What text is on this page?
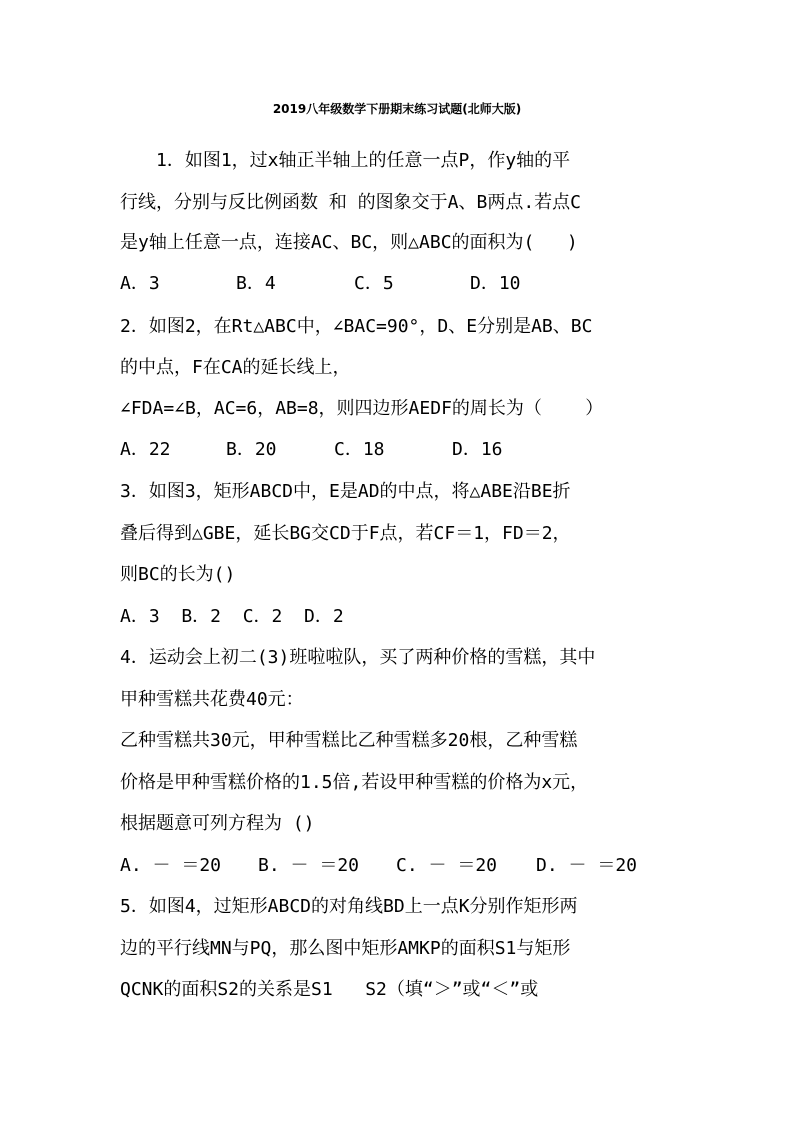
2019八年级数学下册期末练习试题(北师大版)
1．如图1，过x轴正半轴上的任意一点P，作y轴的平
行线，分别与反比例函数 和 的图象交于A、B两点.若点C
是y轴上任意一点，连接AC、BC，则△ABC的面积为(   )
A．3	B．4	C．5	D．10
2．如图2，在Rt△ABC中，∠BAC=90°，D、E分别是AB、BC
的中点，F在CA的延长线上，
∠FDA=∠B，AC=6，AB=8，则四边形AEDF的周长为（    ）
A．22	B．20	C．18	D．16
3．如图3，矩形ABCD中，E是AD的中点，将△ABE沿BE折
叠后得到△GBE，延长BG交CD于F点，若CF＝1，FD＝2，
则BC的长为()
A．3  B．2  C．2  D．2
4．运动会上初二(3)班啦啦队，买了两种价格的雪糕，其中
甲种雪糕共花费40元：
乙种雪糕共30元，甲种雪糕比乙种雪糕多20根，乙种雪糕
价格是甲种雪糕价格的1.5倍,若设甲种雪糕的价格为x元，
根据题意可列方程为 ()
A. － ＝20 B. － ＝20 C. － ＝20 D. － ＝20
5．如图4，过矩形ABCD的对角线BD上一点K分别作矩形两
边的平行线MN与PQ，那么图中矩形AMKP的面积S1与矩形
QCNK的面积S2的关系是S1   S2（填“＞”或“＜”或
